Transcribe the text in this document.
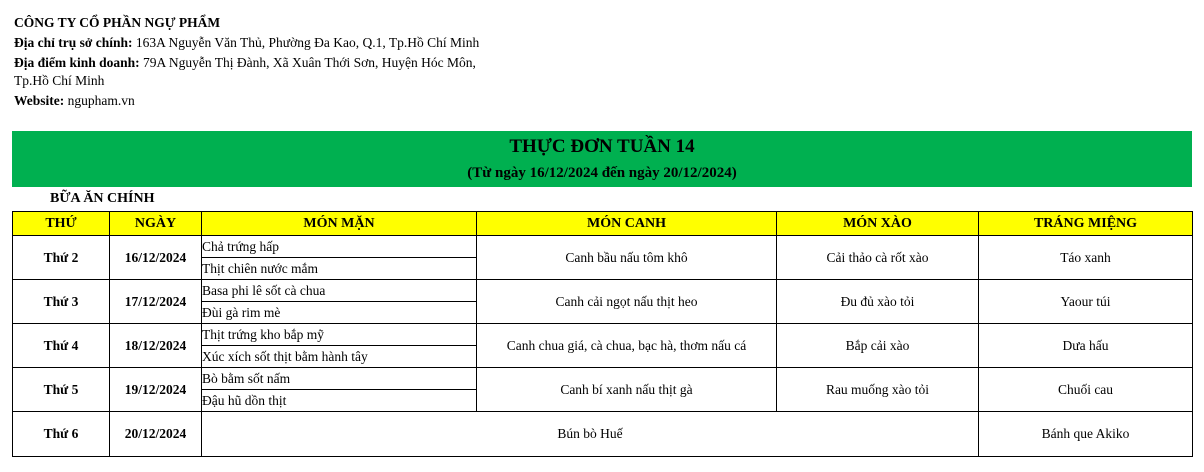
CÔNG TY CỔ PHẦN NGỰ PHẨM
Địa chỉ trụ sở chính: 163A Nguyễn Văn Thủ, Phường Đa Kao, Q.1, Tp.Hồ Chí Minh
Địa điểm kinh doanh: 79A Nguyễn Thị Đành, Xã Xuân Thới Sơn, Huyện Hóc Môn, Tp.Hồ Chí Minh
Website: ngupham.vn
THỰC ĐƠN TUẦN 14
(Từ ngày 16/12/2024 đến ngày 20/12/2024)
BỮA ĂN CHÍNH
THỨ	NGÀY	MÓN MẶN	MÓN CANH	MÓN XÀO	TRÁNG MIỆNG
Thứ 2	16/12/2024	Chả trứng hấp	Canh bầu nấu tôm khô	Cải thảo cà rốt xào	Táo xanh
		Thịt chiên nước mắm			
Thứ 3	17/12/2024	Basa phi lê sốt cà chua	Canh cải ngọt nấu thịt heo	Đu đủ xào tỏi	Yaour túi
		Đùi gà rim mè			
Thứ 4	18/12/2024	Thịt trứng kho bắp mỹ	Canh chua giá, cà chua, bạc hà, thơm nấu cá	Bắp cải xào	Dưa hấu
		Xúc xích sốt thịt bằm hành tây			
Thứ 5	19/12/2024	Bò bằm sốt nấm	Canh bí xanh nấu thịt gà	Rau muống xào tỏi	Chuối cau
		Đậu hũ dồn thịt			
Thứ 6	20/12/2024	Bún bò Huế			Bánh que Akiko
